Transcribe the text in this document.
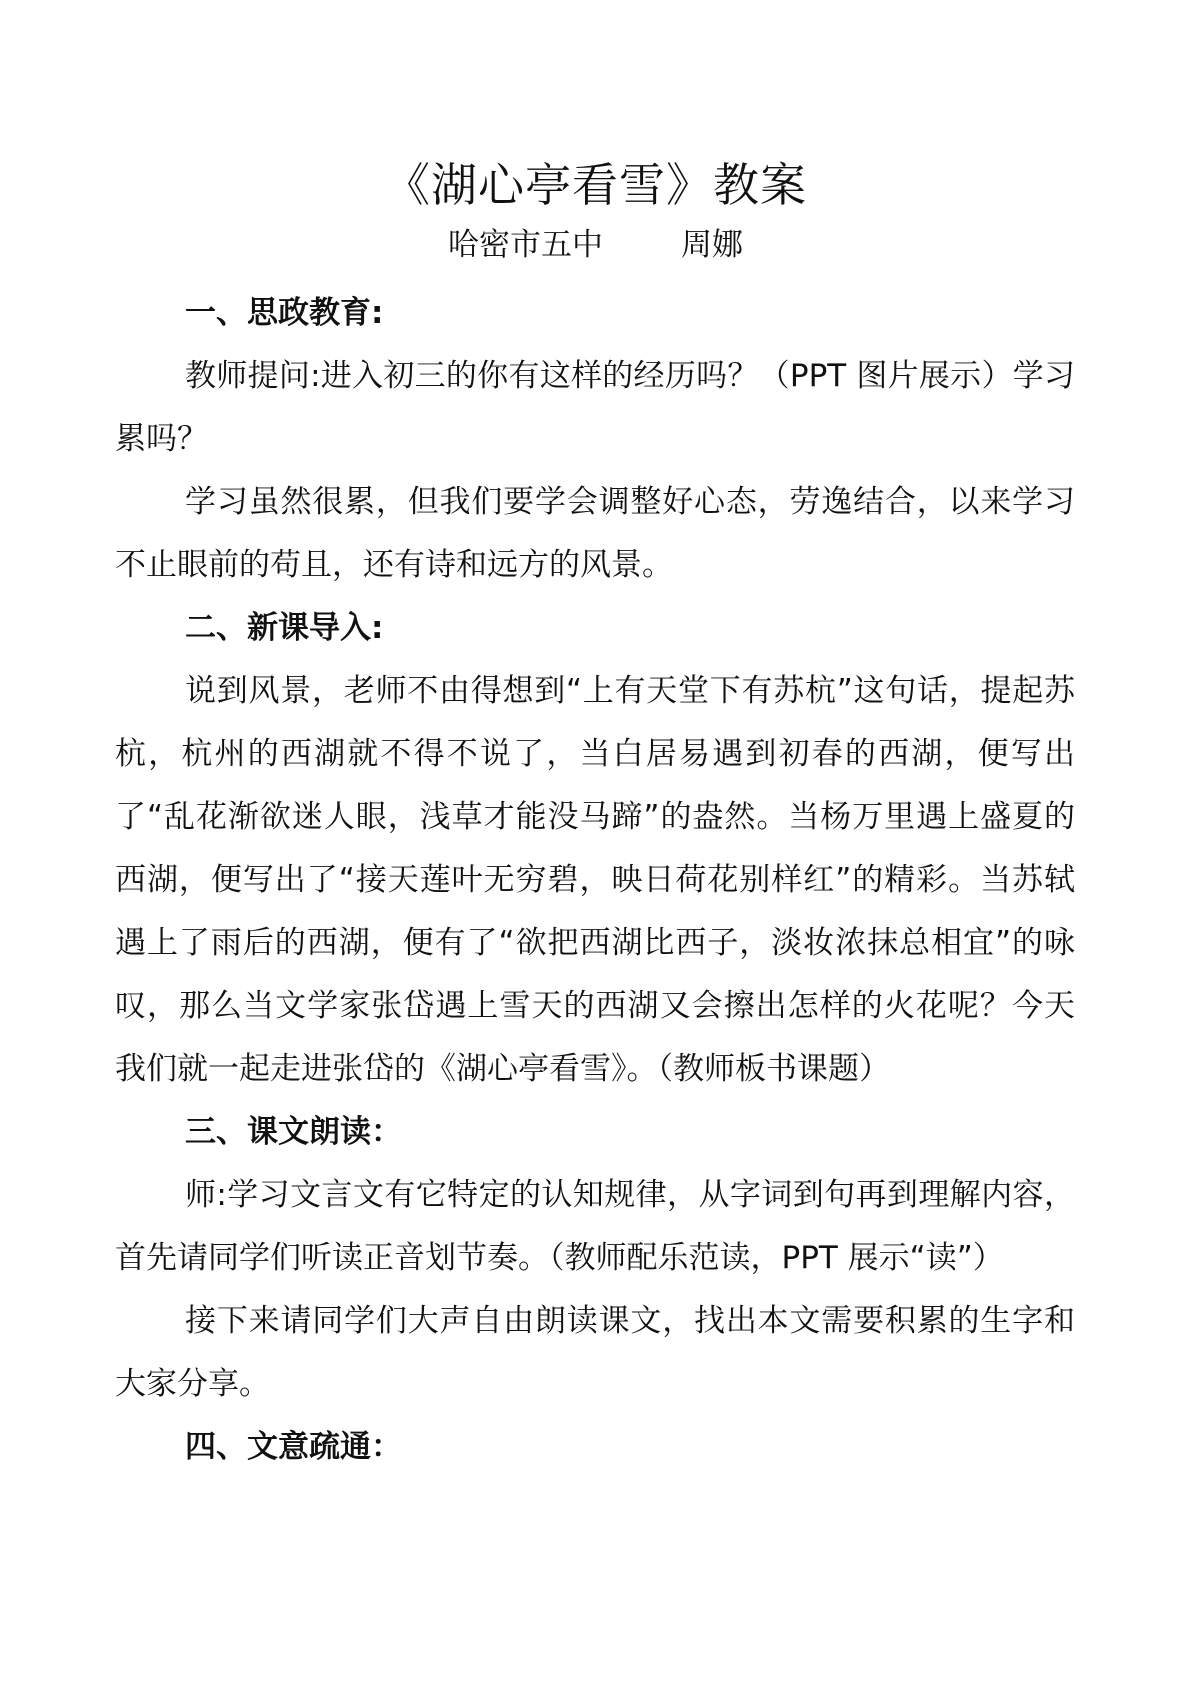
《湖心亭看雪》教案
哈密市五中	周娜

一、思政教育:

教师提问:进入初三的你有这样的经历吗？（PPT 图片展示）学习累吗？

学习虽然很累，但我们要学会调整好心态，劳逸结合，以来学习不止眼前的苟且，还有诗和远方的风景。

二、新课导入:

说到风景，老师不由得想到“上有天堂下有苏杭”这句话，提起苏杭，杭州的西湖就不得不说了，当白居易遇到初春的西湖，便写出了“乱花渐欲迷人眼，浅草才能没马蹄”的盎然。当杨万里遇上盛夏的西湖，便写出了“接天莲叶无穷碧，映日荷花别样红”的精彩。当苏轼遇上了雨后的西湖，便有了“欲把西湖比西子，淡妆浓抹总相宜”的咏叹，那么当文学家张岱遇上雪天的西湖又会擦出怎样的火花呢？今天我们就一起走进张岱的《湖心亭看雪》。（教师板书课题）

三、课文朗读：

师:学习文言文有它特定的认知规律，从字词到句再到理解内容，首先请同学们听读正音划节奏。（教师配乐范读，PPT 展示“读”）

接下来请同学们大声自由朗读课文，找出本文需要积累的生字和大家分享。

四、文意疏通：
